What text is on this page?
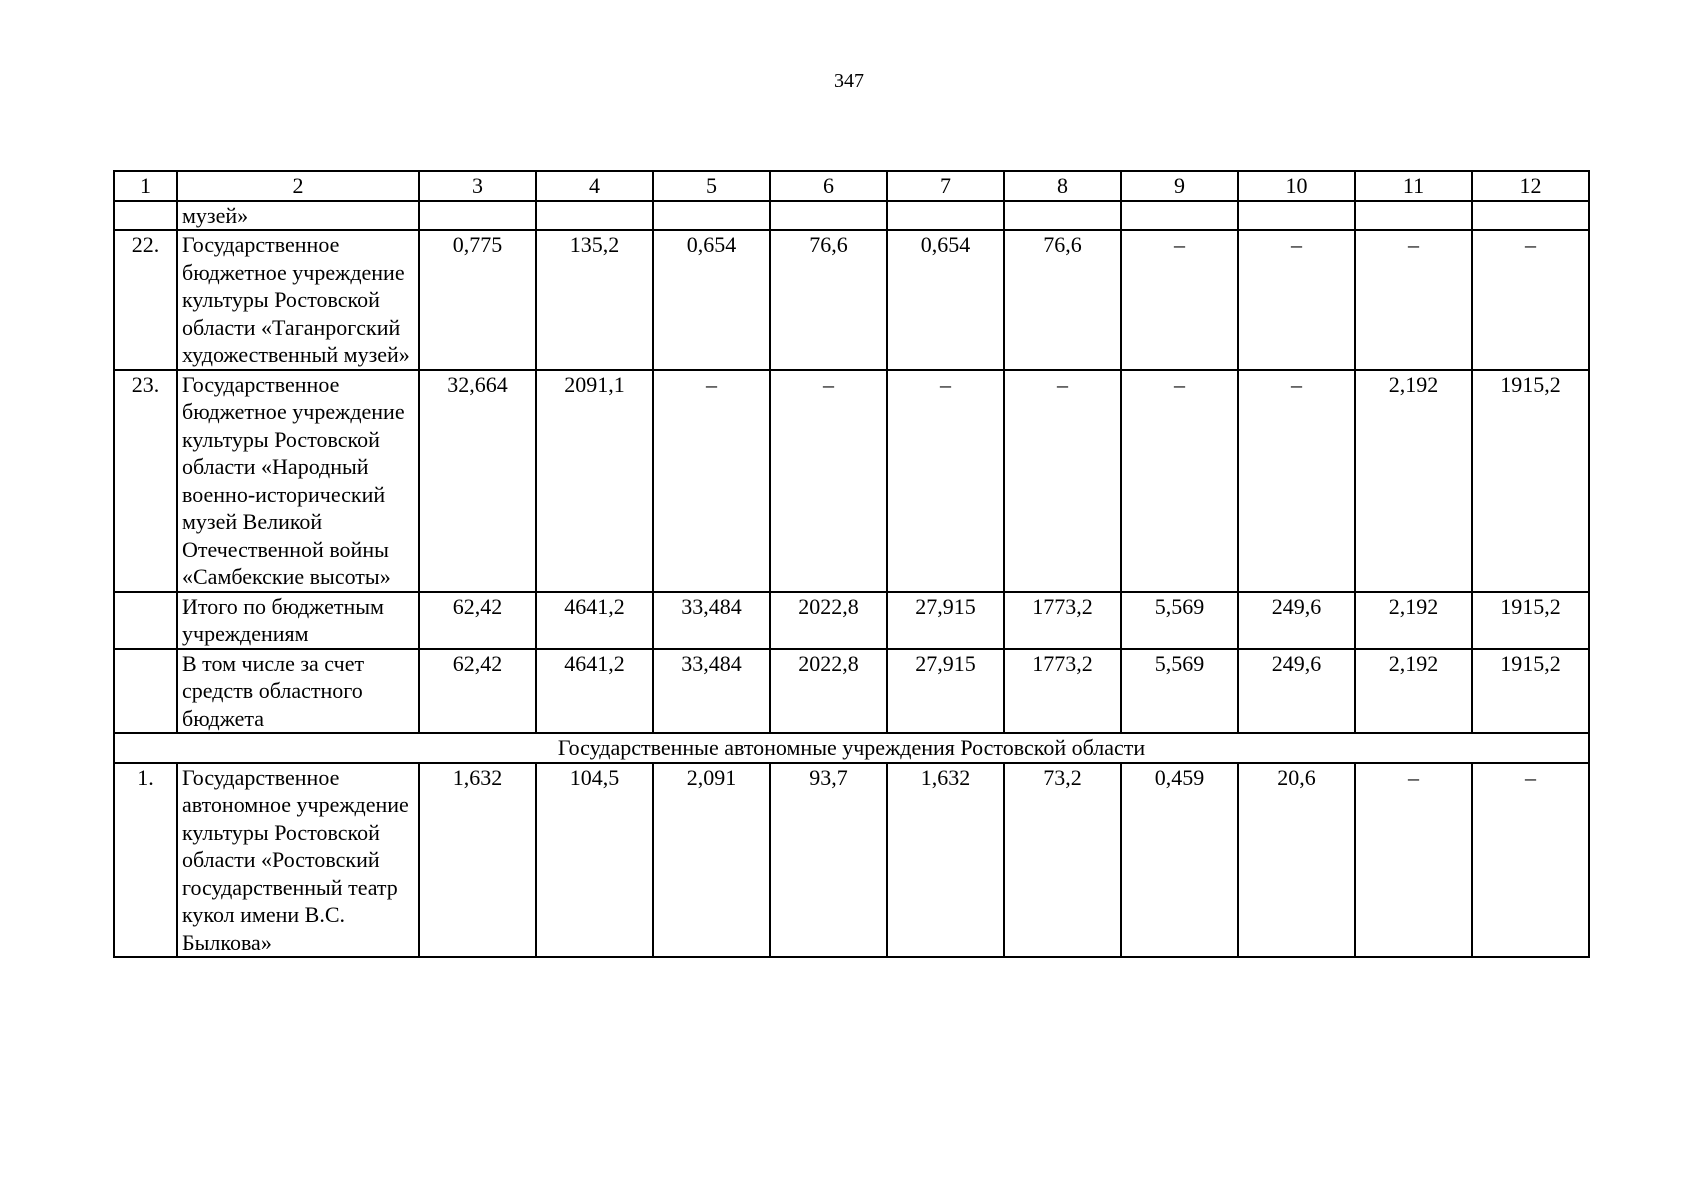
347
1	2	3	4	5	6	7	8	9	10	11	12
	музей»										
22.	Государственное бюджетное учреждение культуры Ростовской области «Таганрогский художественный музей»	0,775	135,2	0,654	76,6	0,654	76,6	–	–	–	–
23.	Государственное бюджетное учреждение культуры Ростовской области «Народный военно-исторический музей Великой Отечественной войны «Самбекские высоты»	32,664	2091,1	–	–	–	–	–	–	2,192	1915,2
	Итого по бюджетным учреждениям	62,42	4641,2	33,484	2022,8	27,915	1773,2	5,569	249,6	2,192	1915,2
	В том числе за счет средств областного бюджета	62,42	4641,2	33,484	2022,8	27,915	1773,2	5,569	249,6	2,192	1915,2
Государственные автономные учреждения Ростовской области											
1.	Государственное автономное учреждение культуры Ростовской области «Ростовский государственный театр кукол имени В.С. Былкова»	1,632	104,5	2,091	93,7	1,632	73,2	0,459	20,6	–	–
